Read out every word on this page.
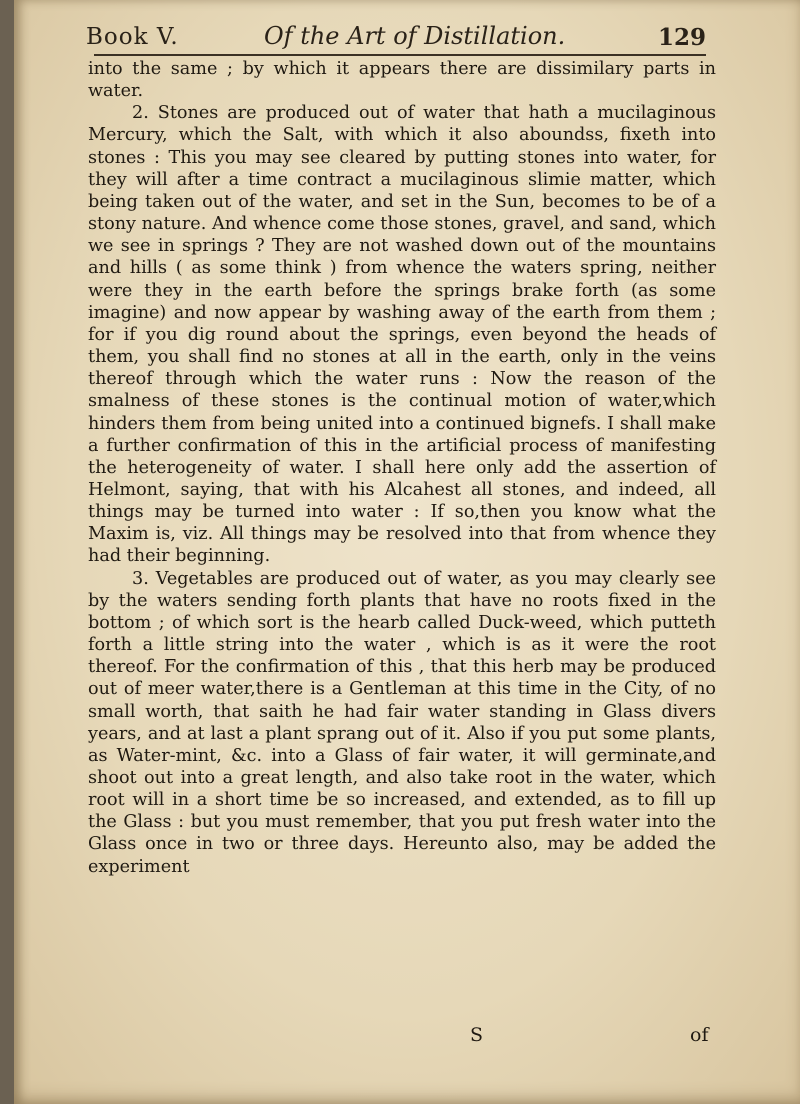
Book V.	Of the Art of Distillation.	129

into the same ; by which it appears there are dissimilary parts in water.

2. Stones are produced out of water that hath a mucilaginous Mercury, which the Salt, with which it also aboundss, fixeth into stones : This you may see cleared by putting stones into water, for they will after a time contract a mucilaginous slimie matter, which being taken out of the water, and set in the Sun, becomes to be of a stony nature. And whence come those stones, gravel, and sand, which we see in springs ? They are not washed down out of the mountains and hills ( as some think ) from whence the waters spring, neither were they in the earth before the springs brake forth (as some imagine) and now appear by washing away of the earth from them ; for if you dig round about the springs, even beyond the heads of them, you shall find no stones at all in the earth, only in the veins thereof through which the water runs : Now the reason of the smalness of these stones is the continual motion of water,which hinders them from being united into a continued bignefs. I shall make a further confirmation of this in the artificial process of manifesting the heterogeneity of water. I shall here only add the assertion of Helmont, saying, that with his Alcahest all stones, and indeed, all things may be turned into water : If so,then you know what the Maxim is, viz. All things may be resolved into that from whence they had their beginning.

3. Vegetables are produced out of water, as you may clearly see by the waters sending forth plants that have no roots fixed in the bottom ; of which sort is the hearb called Duck-weed, which putteth forth a little string into the water , which is as it were the root thereof. For the confirmation of this , that this herb may be produced out of meer water,there is a Gentleman at this time in the City, of no small worth, that saith he had fair water standing in Glass divers years, and at last a plant sprang out of it. Also if you put some plants, as Water-mint, &c. into a Glass of fair water, it will germinate,and shoot out into a great length, and also take root in the water, which root will in a short time be so increased, and extended, as to fill up the Glass : but you must remember, that you put fresh water into the Glass once in two or three days. Hereunto also, may be added the experiment

S	of
